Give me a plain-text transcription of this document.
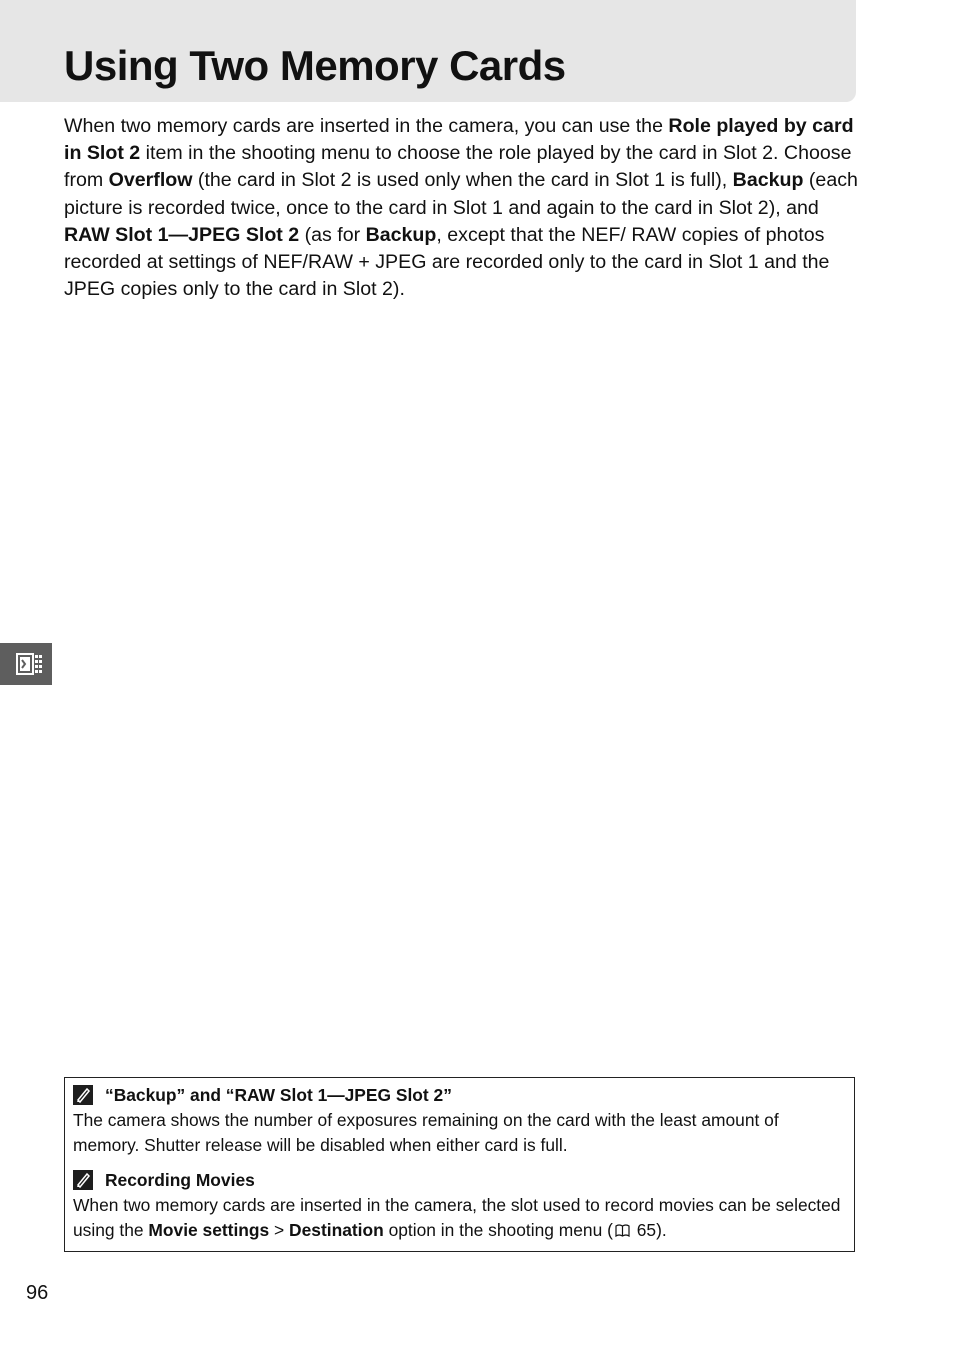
Using Two Memory Cards

When two memory cards are inserted in the camera, you can use the Role played by card in Slot 2 item in the shooting menu to choose the role played by the card in Slot 2. Choose from Overflow (the card in Slot 2 is used only when the card in Slot 1 is full), Backup (each picture is recorded twice, once to the card in Slot 1 and again to the card in Slot 2), and RAW Slot 1—JPEG Slot 2 (as for Backup, except that the NEF/ RAW copies of photos recorded at settings of NEF/RAW + JPEG are recorded only to the card in Slot 1 and the JPEG copies only to the card in Slot 2).

“Backup” and “RAW Slot 1—JPEG Slot 2”

The camera shows the number of exposures remaining on the card with the least amount of memory. Shutter release will be disabled when either card is full.

Recording Movies

When two memory cards are inserted in the camera, the slot used to record movies can be selected using the Movie settings > Destination option in the shooting menu ( 65).

96
